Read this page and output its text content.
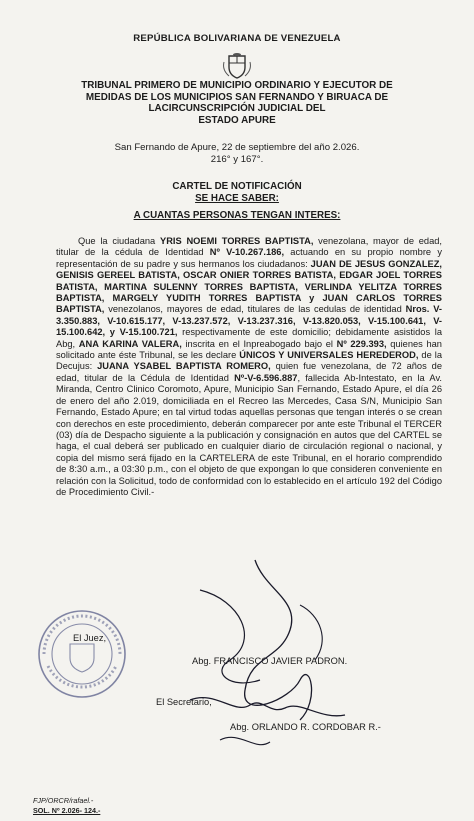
REPÚBLICA BOLIVARIANA DE VENEZUELA
TRIBUNAL PRIMERO DE MUNICIPIO ORDINARIO Y EJECUTOR DE
MEDIDAS DE LOS MUNICIPIOS SAN FERNANDO Y BIRUACA DE
LACIRCUNSCRIPCIÓN JUDICIAL DEL
ESTADO APURE
San Fernando de Apure, 22 de septiembre del año 2.026.
216° y 167°.
CARTEL DE NOTIFICACIÓN
SE HACE SABER:
A CUANTAS PERSONAS TENGAN INTERES:
Que la ciudadana YRIS NOEMI TORRES BAPTISTA, venezolana, mayor de edad, titular de la cédula de Identidad Nº V-10.267.186, actuando en su propio nombre y representación de su padre y sus hermanos los ciudadanos: JUAN DE JESUS GONZALEZ, GENISIS GEREEL BATISTA, OSCAR ONIER TORRES BATISTA, EDGAR JOEL TORRES BATISTA, MARTINA SULENNY TORRES BAPTISTA, VERLINDA YELITZA TORRES BAPTISTA, MARGELY YUDITH TORRES BAPTISTA y JUAN CARLOS TORRES BAPTISTA, venezolanos, mayores de edad, titulares de las cedulas de identidad Nros. V-3.350.883, V-10.615.177, V-13.237.572, V-13.237.316, V-13.820.053, V-15.100.641, V-15.100.642, y V-15.100.721, respectivamente de este domicilio; debidamente asistidos la Abg, ANA KARINA VALERA, inscrita en el Inpreabogado bajo el Nº 229.393, quienes han solicitado ante éste Tribunal, se les declare ÚNICOS Y UNIVERSALES HEREDEROD, de la Decujus: JUANA YSABEL BAPTISTA ROMERO, quien fue venezolana, de 72 años de edad, titular de la Cédula de Identidad Nº-V-6.596.887, fallecida Ab-Intestato, en la Av. Miranda, Centro Clinico Coromoto, Apure, Municipio San Fernando, Estado Apure, el día 26 de enero del año 2.019, domiciliada en el Recreo las Mercedes, Casa S/N, Municipio San Fernando, Estado Apure; en tal virtud todas aquellas personas que tengan interés o se crean con derechos en este procedimiento, deberán comparecer por ante este Tribunal el TERCER (03) día de Despacho siguiente a la publicación y consignación en autos que del CARTEL se haga, el cual deberá ser publicado en cualquier diario de circulación regional o nacional, y copia del mismo será fijado en la CARTELERA de este Tribunal, en el horario comprendido de 8:30 a.m., a 03:30 p.m., con el objeto de que expongan lo que consideren conveniente en relación con la Solicitud, todo de conformidad con lo establecido en el artículo 192 del Código de Procedimiento Civil.-
El Juez,
Abg. FRANCISCO JAVIER PADRON.
El Secretario,
Abg. ORLANDO R. CORDOBAR R.-
FJP/ORCR/rafael.-
SOL. Nº 2.026- 124.-
